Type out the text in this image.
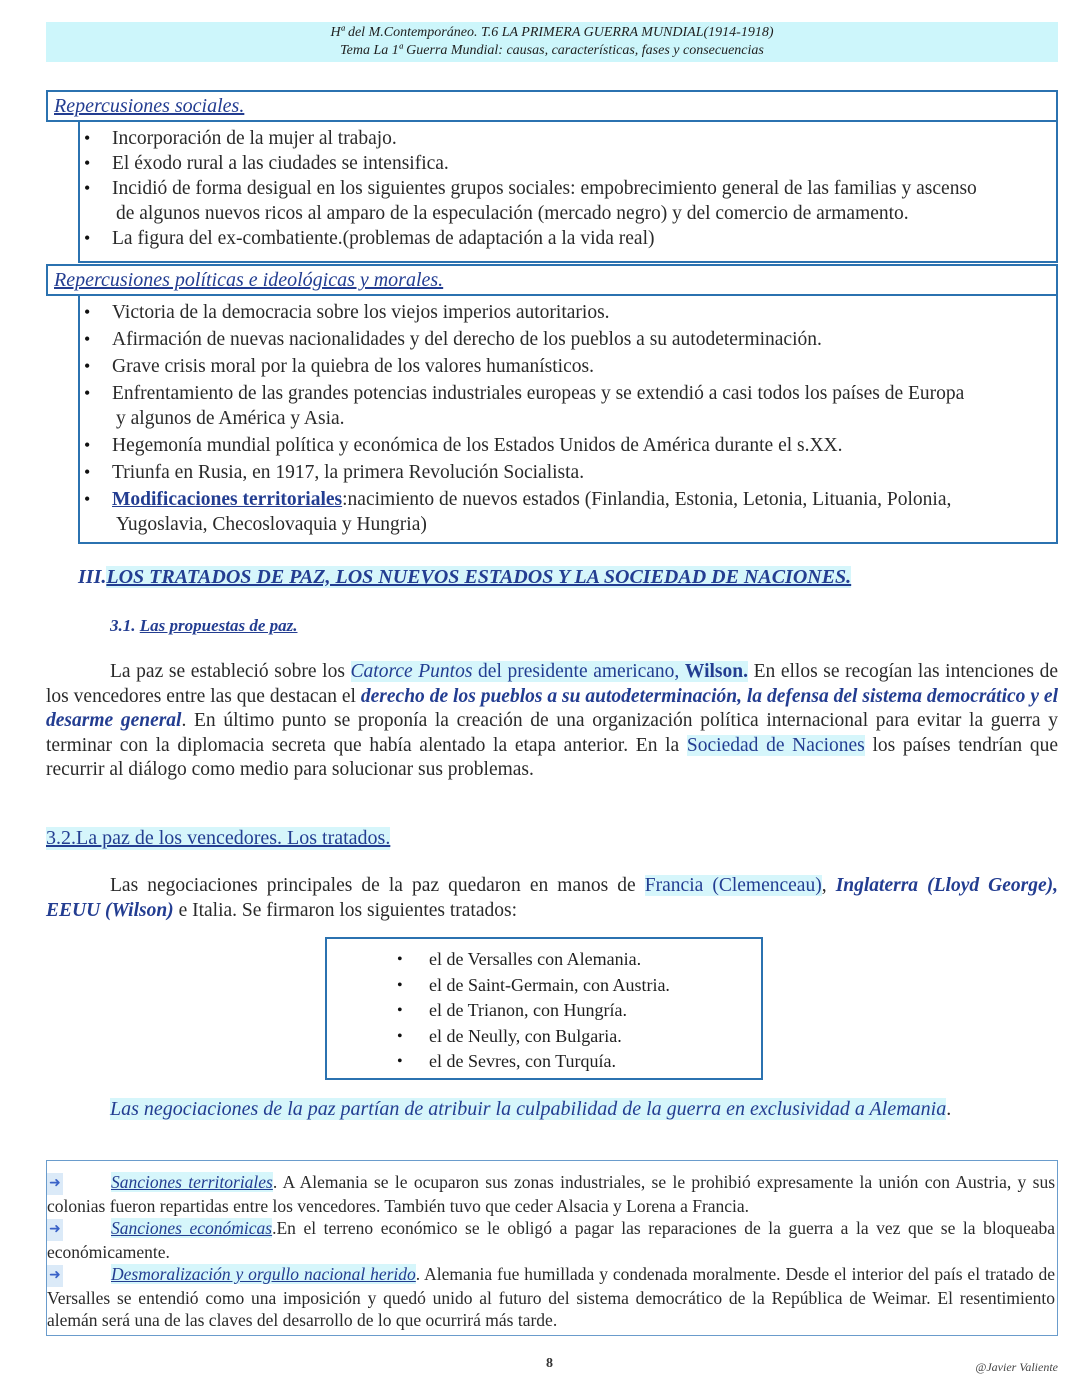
Hª del M.Contemporáneo. T.6 LA PRIMERA GUERRA MUNDIAL(1914-1918)
Tema La 1ª Guerra Mundial: causas, características, fases y consecuencias
Repercusiones sociales.
• Incorporación de la mujer al trabajo.
• El éxodo rural a las ciudades se intensifica.
• Incidió de forma desigual en los siguientes grupos sociales: empobrecimiento general de las familias y ascenso
de algunos nuevos ricos al amparo de la especulación (mercado negro) y del comercio de armamento.
• La figura del ex-combatiente.(problemas de adaptación a la vida real)
Repercusiones políticas e ideológicas y morales.
• Victoria de la democracia sobre los viejos imperios autoritarios.
• Afirmación de nuevas nacionalidades y del derecho de los pueblos a su autodeterminación.
• Grave crisis moral por la quiebra de los valores humanísticos.
• Enfrentamiento de las grandes potencias industriales europeas y se extendió a casi todos los países de Europa
y algunos de América y Asia.
• Hegemonía mundial política y económica de los Estados Unidos de América durante el s.XX.
• Triunfa en Rusia, en 1917, la primera Revolución Socialista.
• Modificaciones territoriales:nacimiento de nuevos estados (Finlandia, Estonia, Letonia, Lituania, Polonia,
Yugoslavia, Checoslovaquia y Hungria)
III.LOS TRATADOS DE PAZ, LOS NUEVOS ESTADOS Y LA SOCIEDAD DE NACIONES.
3.1. Las propuestas de paz.
La paz se estableció sobre los Catorce Puntos del presidente americano, Wilson. En ellos se recogían las intenciones de los vencedores entre las que destacan el derecho de los pueblos a su autodeterminación, la defensa del sistema democrático y el desarme general. En último punto se proponía la creación de una organización política internacional para evitar la guerra y terminar con la diplomacia secreta que había alentado la etapa anterior. En la Sociedad de Naciones los países tendrían que recurrir al diálogo como medio para solucionar sus problemas.
3.2.La paz de los vencedores. Los tratados.
Las negociaciones principales de la paz quedaron en manos de Francia (Clemenceau), Inglaterra (Lloyd George), EEUU (Wilson) e Italia. Se firmaron los siguientes tratados:
• el de Versalles con Alemania.
• el de Saint-Germain, con Austria.
• el de Trianon, con Hungría.
• el de Neully, con Bulgaria.
• el de Sevres, con Turquía.
Las negociaciones de la paz partían de atribuir la culpabilidad de la guerra en exclusividad a Alemania.
➜	Sanciones territoriales. A Alemania se le ocuparon sus zonas industriales, se le prohibió expresamente la unión con Austria, y sus colonias fueron repartidas entre los vencedores. También tuvo que ceder Alsacia y Lorena a Francia.
➜	Sanciones económicas.En el terreno económico se le obligó a pagar las reparaciones de la guerra a la vez que se la bloqueaba económicamente.
➜	Desmoralización y orgullo nacional herido. Alemania fue humillada y condenada moralmente. Desde el interior del país el tratado de Versalles se entendió como una imposición y quedó unido al futuro del sistema democrático de la República de Weimar. El resentimiento alemán será una de las claves del desarrollo de lo que ocurrirá más tarde.
8	@Javier Valiente
